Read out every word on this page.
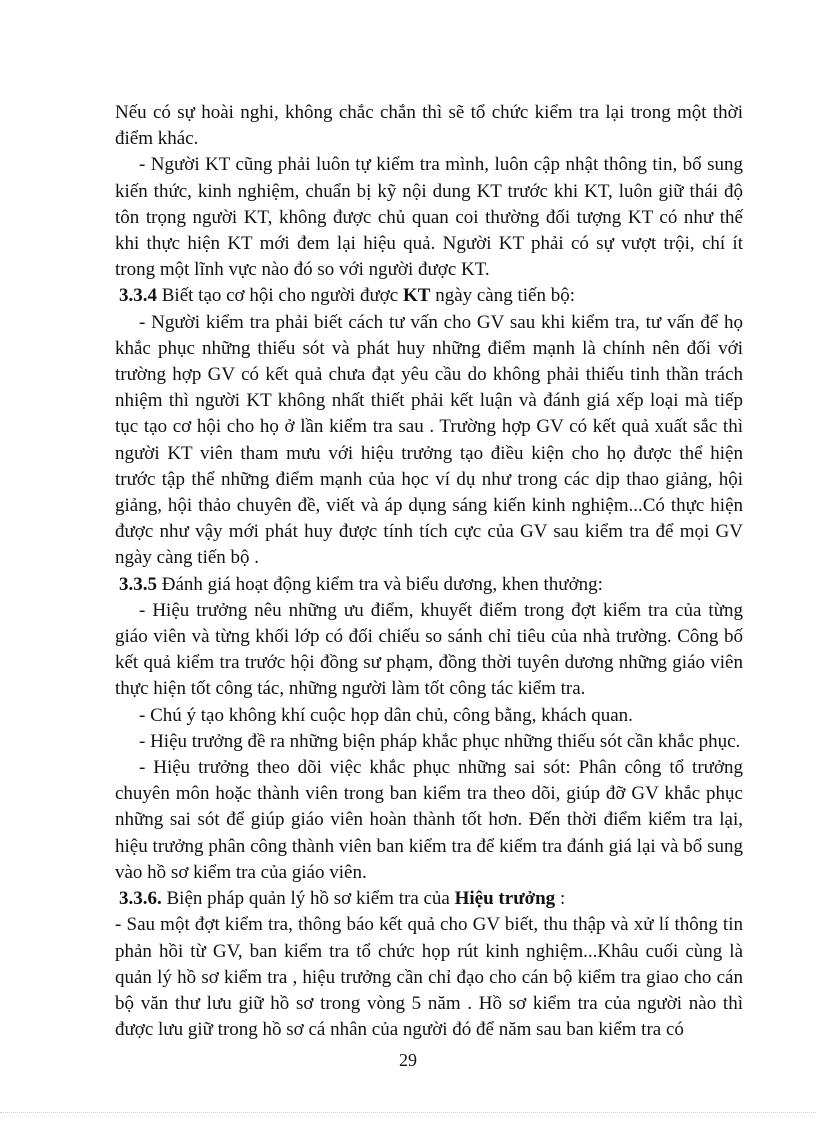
Nếu có sự hoài nghi, không chắc chắn thì sẽ tổ chức kiểm tra lại trong một thời điểm khác.

- Người KT cũng phải luôn tự kiểm tra mình, luôn cập nhật thông tin, bổ sung kiến thức, kinh nghiệm, chuẩn bị kỹ nội dung KT trước khi KT, luôn giữ thái độ tôn trọng người KT, không được chủ quan coi thường đối tượng KT có như thế khi thực hiện KT mới đem lại hiệu quả. Người KT phải có sự vượt trội, chí ít trong một lĩnh vực nào đó so với người được KT.

3.3.4 Biết tạo cơ hội cho người được KT ngày càng tiến bộ:

- Người kiểm tra phải biết cách tư vấn cho GV sau khi kiểm tra, tư vấn để họ khắc phục những thiếu sót và phát huy những điểm mạnh là chính nên đối với trường hợp GV có kết quả chưa đạt yêu cầu do không phải thiếu tinh thần trách nhiệm thì người KT không nhất thiết phải kết luận và đánh giá xếp loại mà tiếp tục tạo cơ hội cho họ ở lần kiểm tra sau . Trường hợp GV có kết quả xuất sắc thì người KT viên tham mưu với hiệu trưởng tạo điều kiện cho họ được thể hiện trước tập thể những điểm mạnh của học ví dụ như trong các dịp thao giảng, hội giảng, hội thảo chuyên đề, viết và áp dụng sáng kiến kinh nghiệm...Có thực hiện được như vậy mới phát huy được tính tích cực của GV sau kiểm tra để mọi GV ngày càng tiến bộ .

3.3.5 Đánh giá hoạt động kiểm tra và biểu dương, khen thưởng:

- Hiệu trưởng nêu những ưu điểm, khuyết điểm trong đợt kiểm tra của từng giáo viên và từng khối lớp có đối chiếu so sánh chỉ tiêu của nhà trường. Công bố kết quả kiểm tra trước hội đồng sư phạm, đồng thời tuyên dương những giáo viên thực hiện tốt công tác, những người làm tốt công tác kiểm tra.

- Chú ý tạo không khí cuộc họp dân chủ, công bằng, khách quan.

- Hiệu trưởng đề ra những biện pháp khắc phục những thiếu sót cần khắc phục.

- Hiệu trưởng theo dõi việc khắc phục những sai sót: Phân công tổ trưởng chuyên môn hoặc thành viên trong ban kiểm tra theo dõi, giúp đỡ GV khắc phục những sai sót để giúp giáo viên hoàn thành tốt hơn. Đến thời điểm kiểm tra lại, hiệu trưởng phân công thành viên ban kiểm tra để kiểm tra đánh giá lại và bổ sung vào hồ sơ kiểm tra của giáo viên.

3.3.6. Biện pháp quản lý hồ sơ kiểm tra của Hiệu trưởng :

- Sau một đợt kiểm tra, thông báo kết quả cho GV biết, thu thập và xử lí thông tin phản hồi từ GV, ban kiểm tra tổ chức họp rút kinh nghiệm...Khâu cuối cùng là quản lý hồ sơ kiểm tra , hiệu trưởng cần chỉ đạo cho cán bộ kiểm tra giao cho cán bộ văn thư lưu giữ hồ sơ trong vòng 5 năm . Hồ sơ kiểm tra của người nào thì được lưu giữ trong hồ sơ cá nhân của người đó để năm sau ban kiểm tra có

29
